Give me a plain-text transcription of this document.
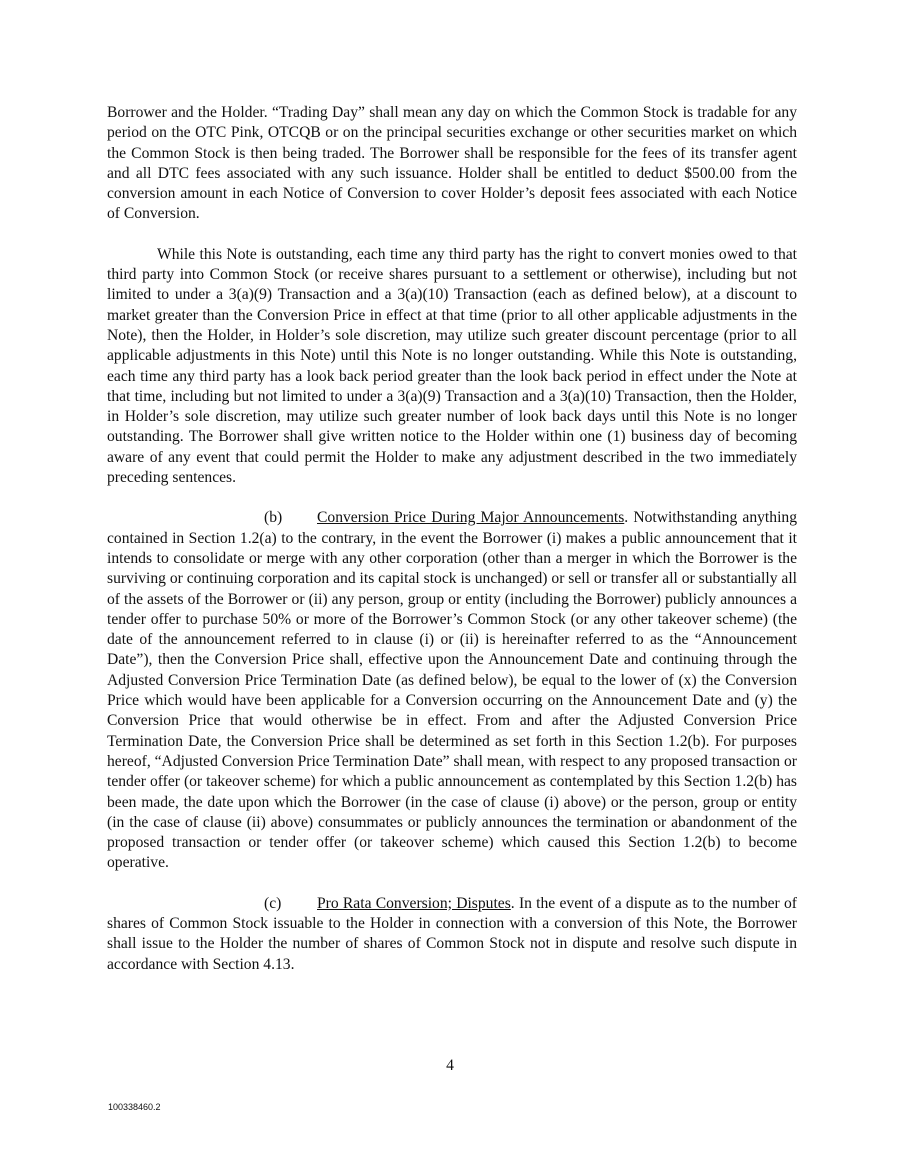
Borrower and the Holder. “Trading Day” shall mean any day on which the Common Stock is tradable for any period on the OTC Pink, OTCQB or on the principal securities exchange or other securities market on which the Common Stock is then being traded. The Borrower shall be responsible for the fees of its transfer agent and all DTC fees associated with any such issuance. Holder shall be entitled to deduct $500.00 from the conversion amount in each Notice of Conversion to cover Holder’s deposit fees associated with each Notice of Conversion.

While this Note is outstanding, each time any third party has the right to convert monies owed to that third party into Common Stock (or receive shares pursuant to a settlement or otherwise), including but not limited to under a 3(a)(9) Transaction and a 3(a)(10) Transaction (each as defined below), at a discount to market greater than the Conversion Price in effect at that time (prior to all other applicable adjustments in the Note), then the Holder, in Holder’s sole discretion, may utilize such greater discount percentage (prior to all applicable adjustments in this Note) until this Note is no longer outstanding. While this Note is outstanding, each time any third party has a look back period greater than the look back period in effect under the Note at that time, including but not limited to under a 3(a)(9) Transaction and a 3(a)(10) Transaction, then the Holder, in Holder’s sole discretion, may utilize such greater number of look back days until this Note is no longer outstanding. The Borrower shall give written notice to the Holder within one (1) business day of becoming aware of any event that could permit the Holder to make any adjustment described in the two immediately preceding sentences.

(b) Conversion Price During Major Announcements. Notwithstanding anything contained in Section 1.2(a) to the contrary, in the event the Borrower (i) makes a public announcement that it intends to consolidate or merge with any other corporation (other than a merger in which the Borrower is the surviving or continuing corporation and its capital stock is unchanged) or sell or transfer all or substantially all of the assets of the Borrower or (ii) any person, group or entity (including the Borrower) publicly announces a tender offer to purchase 50% or more of the Borrower’s Common Stock (or any other takeover scheme) (the date of the announcement referred to in clause (i) or (ii) is hereinafter referred to as the “Announcement Date”), then the Conversion Price shall, effective upon the Announcement Date and continuing through the Adjusted Conversion Price Termination Date (as defined below), be equal to the lower of (x) the Conversion Price which would have been applicable for a Conversion occurring on the Announcement Date and (y) the Conversion Price that would otherwise be in effect. From and after the Adjusted Conversion Price Termination Date, the Conversion Price shall be determined as set forth in this Section 1.2(b). For purposes hereof, “Adjusted Conversion Price Termination Date” shall mean, with respect to any proposed transaction or tender offer (or takeover scheme) for which a public announcement as contemplated by this Section 1.2(b) has been made, the date upon which the Borrower (in the case of clause (i) above) or the person, group or entity (in the case of clause (ii) above) consummates or publicly announces the termination or abandonment of the proposed transaction or tender offer (or takeover scheme) which caused this Section 1.2(b) to become operative.

(c) Pro Rata Conversion; Disputes. In the event of a dispute as to the number of shares of Common Stock issuable to the Holder in connection with a conversion of this Note, the Borrower shall issue to the Holder the number of shares of Common Stock not in dispute and resolve such dispute in accordance with Section 4.13.

4
100338460.2
